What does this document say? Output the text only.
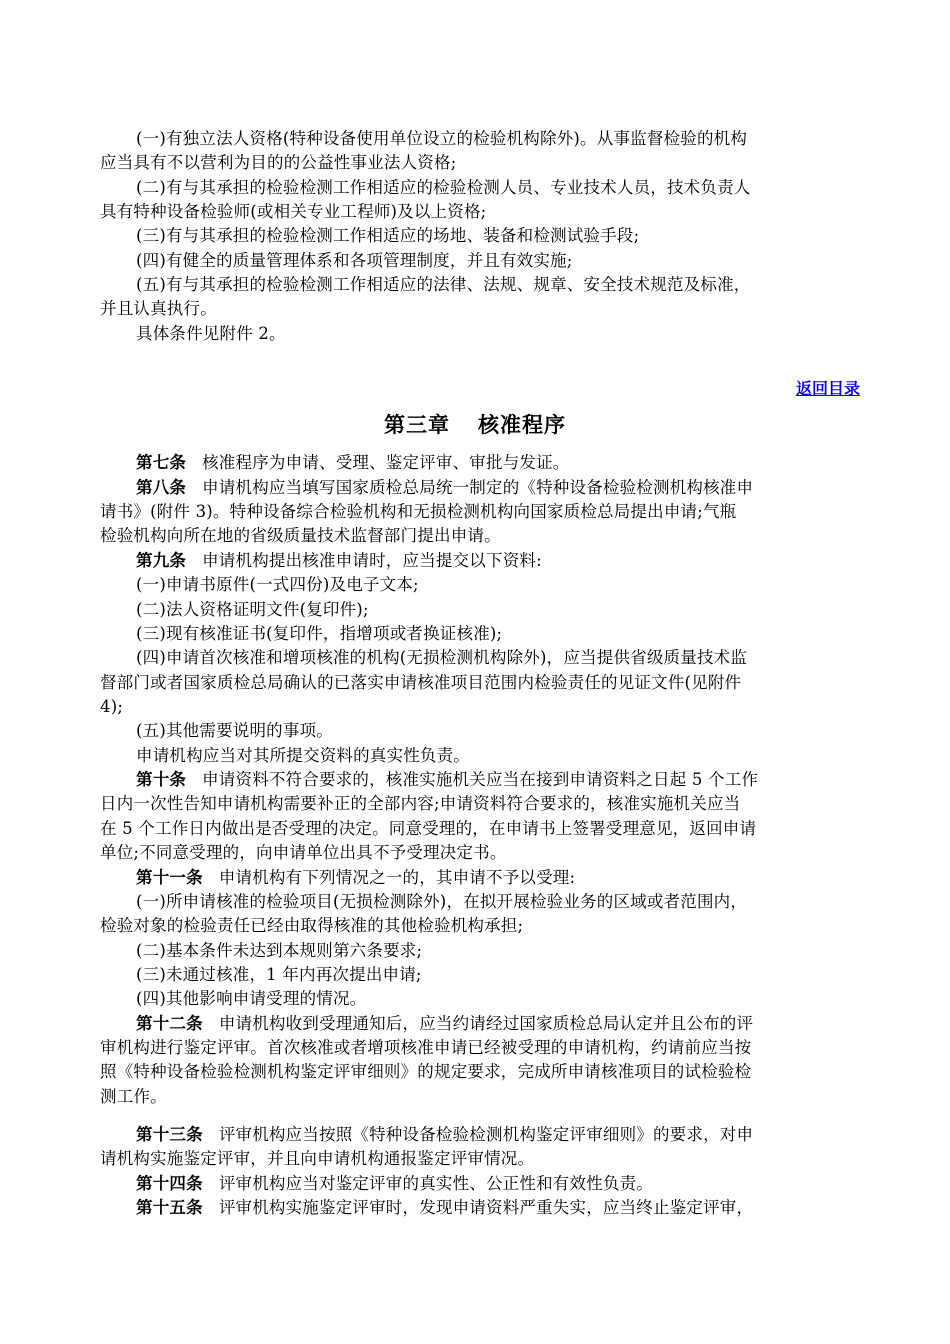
(一)有独立法人资格(特种设备使用单位设立的检验机构除外)。从事监督检验的机构
应当具有不以营利为目的的公益性事业法人资格;
(二)有与其承担的检验检测工作相适应的检验检测人员、专业技术人员，技术负责人
具有特种设备检验师(或相关专业工程师)及以上资格;
(三)有与其承担的检验检测工作相适应的场地、装备和检测试验手段;
(四)有健全的质量管理体系和各项管理制度，并且有效实施;
(五)有与其承担的检验检测工作相适应的法律、法规、规章、安全技术规范及标准，
并且认真执行。
具体条件见附件 2。
返回目录
第三章 核准程序
第七条 核准程序为申请、受理、鉴定评审、审批与发证。
第八条 申请机构应当填写国家质检总局统一制定的《特种设备检验检测机构核准申
请书》(附件 3)。特种设备综合检验机构和无损检测机构向国家质检总局提出申请;气瓶
检验机构向所在地的省级质量技术监督部门提出申请。
第九条 申请机构提出核准申请时，应当提交以下资料:
(一)申请书原件(一式四份)及电子文本;
(二)法人资格证明文件(复印件);
(三)现有核准证书(复印件，指增项或者换证核准);
(四)申请首次核准和增项核准的机构(无损检测机构除外)，应当提供省级质量技术监
督部门或者国家质检总局确认的已落实申请核准项目范围内检验责任的见证文件(见附件
4);
(五)其他需要说明的事项。
申请机构应当对其所提交资料的真实性负责。
第十条 申请资料不符合要求的，核准实施机关应当在接到申请资料之日起 5 个工作
日内一次性告知申请机构需要补正的全部内容;申请资料符合要求的，核准实施机关应当
在 5 个工作日内做出是否受理的决定。同意受理的，在申请书上签署受理意见，返回申请
单位;不同意受理的，向申请单位出具不予受理决定书。
第十一条 申请机构有下列情况之一的，其申请不予以受理:
(一)所申请核准的检验项目(无损检测除外)，在拟开展检验业务的区域或者范围内，
检验对象的检验责任已经由取得核准的其他检验机构承担;
(二)基本条件未达到本规则第六条要求;
(三)未通过核准，1 年内再次提出申请;
(四)其他影响申请受理的情况。
第十二条 申请机构收到受理通知后，应当约请经过国家质检总局认定并且公布的评
审机构进行鉴定评审。首次核准或者增项核准申请已经被受理的申请机构，约请前应当按
照《特种设备检验检测机构鉴定评审细则》的规定要求，完成所申请核准项目的试检验检
测工作。
第十三条 评审机构应当按照《特种设备检验检测机构鉴定评审细则》的要求，对申
请机构实施鉴定评审，并且向申请机构通报鉴定评审情况。
第十四条 评审机构应当对鉴定评审的真实性、公正性和有效性负责。
第十五条 评审机构实施鉴定评审时，发现申请资料严重失实，应当终止鉴定评审，
